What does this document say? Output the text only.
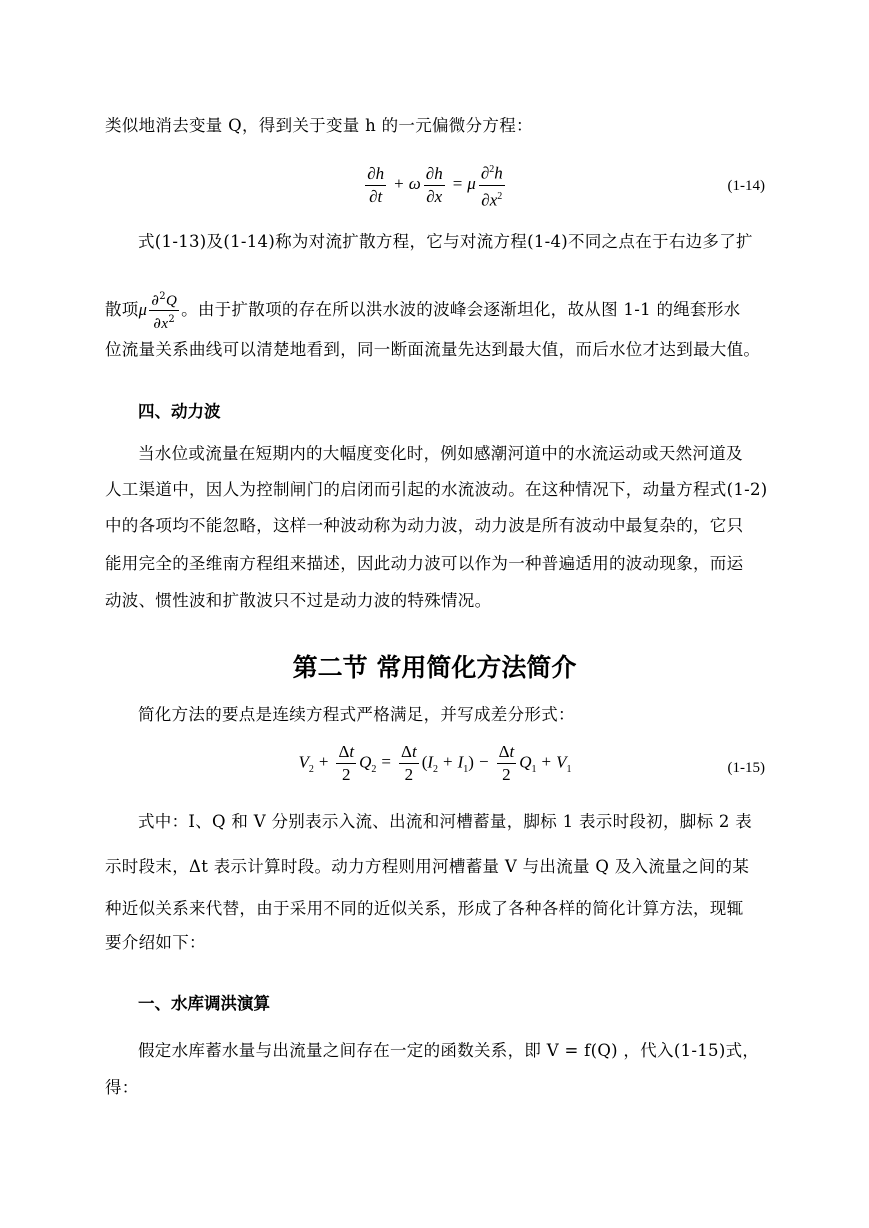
类似地消去变量 Q，得到关于变量 h 的一元偏微分方程：
$\frac{\partial h}{\partial t} + \omega \frac{\partial h}{\partial x} = \mu \frac{\partial^2h}{\partial x^2}$	(1-14)
式(1-13)及(1-14)称为对流扩散方程，它与对流方程(1-4)不同之点在于右边多了扩
散项μ $\frac{\partial^2Q}{\partial x^2}$ 。由于扩散项的存在所以洪水波的波峰会逐渐坦化，故从图 1-1 的绳套形水
位流量关系曲线可以清楚地看到，同一断面流量先达到最大值，而后水位才达到最大值。
四、动力波
当水位或流量在短期内的大幅度变化时，例如感潮河道中的水流运动或天然河道及
人工渠道中，因人为控制闸门的启闭而引起的水流波动。在这种情况下，动量方程式(1-2)
中的各项均不能忽略，这样一种波动称为动力波，动力波是所有波动中最复杂的，它只
能用完全的圣维南方程组来描述，因此动力波可以作为一种普遍适用的波动现象，而运
动波、惯性波和扩散波只不过是动力波的特殊情况。
第二节 常用简化方法简介
简化方法的要点是连续方程式严格满足，并写成差分形式：
$V_2 + \frac{\Delta t}{2} Q_2 = \frac{\Delta t}{2} (I_2 + I_1) - \frac{\Delta t}{2} Q_1 + V_1$	(1-15)
式中：I、Q 和 V 分别表示入流、出流和河槽蓄量，脚标 1 表示时段初，脚标 2 表
示时段末，Δt 表示计算时段。动力方程则用河槽蓄量 V 与出流量 Q 及入流量之间的某
种近似关系来代替，由于采用不同的近似关系，形成了各种各样的简化计算方法，现辄
要介绍如下：
一、水库调洪演算
假定水库蓄水量与出流量之间存在一定的函数关系，即 V = f(Q) ，代入(1-15)式，
得：
